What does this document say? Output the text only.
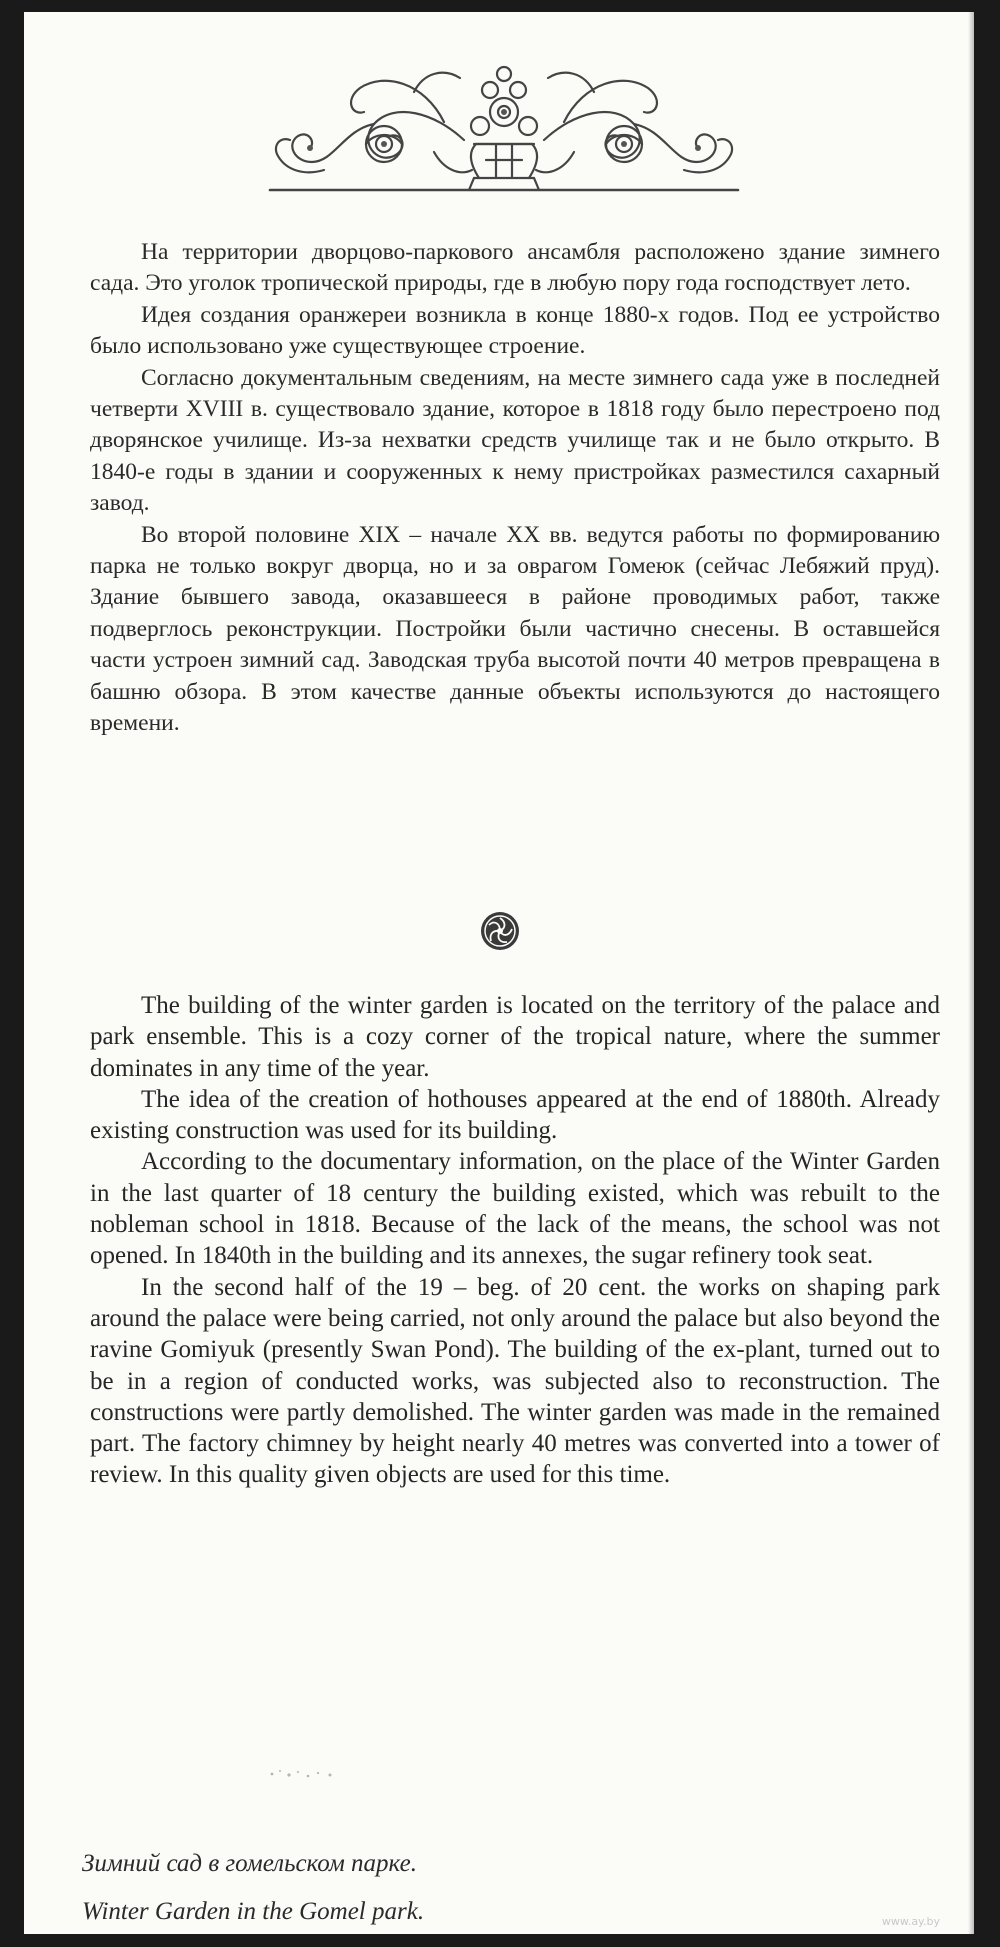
На территории дворцово-паркового ансамбля расположено здание зимнего сада. Это уголок тропической природы, где в любую пору года господствует лето.

Идея создания оранжереи возникла в конце 1880-х годов. Под ее устройство было использовано уже существующее строение.

Согласно документальным сведениям, на месте зимнего сада уже в последней четверти XVIII в. существовало здание, которое в 1818 году было перестроено под дворянское училище. Из-за нехватки средств училище так и не было открыто. В 1840-е годы в здании и сооруженных к нему пристройках разместился сахарный завод.

Во второй половине XIX – начале XX вв. ведутся работы по формированию парка не только вокруг дворца, но и за оврагом Гомеюк (сейчас Лебяжий пруд). Здание бывшего завода, оказавшееся в районе проводимых работ, также подверглось реконструкции. Постройки были частично снесены. В оставшейся части устроен зимний сад. Заводская труба высотой почти 40 метров превращена в башню обзора. В этом качестве данные объекты используются до настоящего времени.

The building of the winter garden is located on the territory of the palace and park ensemble. This is a cozy corner of the tropical nature, where the summer dominates in any time of the year.

The idea of the creation of hothouses appeared at the end of 1880th. Already existing construction was used for its building.

According to the documentary information, on the place of the Winter Garden in the last quarter of 18 century the building existed, which was rebuilt to the nobleman school in 1818. Because of the lack of the means, the school was not opened. In 1840th in the building and its annexes, the sugar refinery took seat.

In the second half of the 19 – beg. of 20 cent. the works on shaping park around the palace were being carried, not only around the palace but also beyond the ravine Gomiyuk (presently Swan Pond). The building of the ex-plant, turned out to be in a region of conducted works, was subjected also to reconstruction. The constructions were partly demolished. The winter garden was made in the remained part. The factory chimney by height nearly 40 metres was converted into a tower of review. In this quality given objects are used for this time.

Зимний сад в гомельском парке.

Winter Garden in the Gomel park.	www.ay.by
